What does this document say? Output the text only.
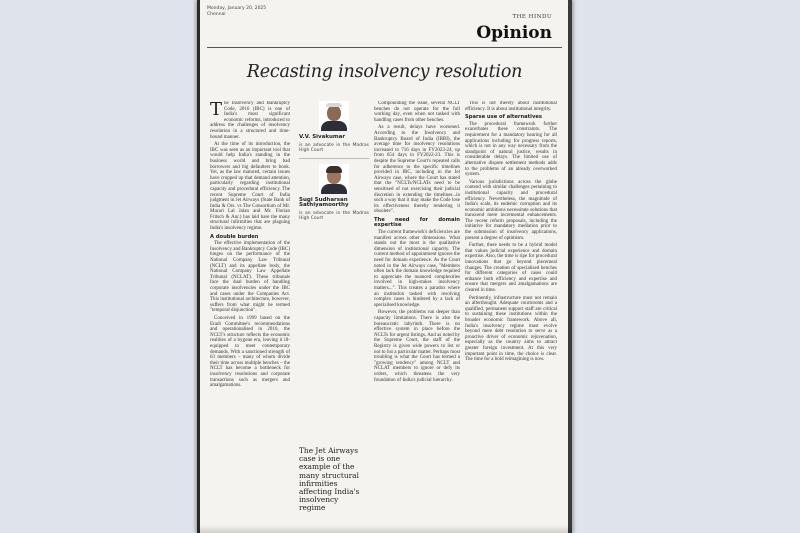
Monday, January 20, 2025
Chennai	THE HINDU
Opinion
Recasting insolvency resolution

The Insolvency and Bankruptcy Code, 2016 (IBC) is one of India's most significant economic reforms, introduced to address the challenges of insolvency resolution in a structured and time-bound manner.

At the time of its introduction, the IBC was seen as an important tool that would help India's standing in the business world and bring bad borrowers and big defaulters to book. Yet, as the law matured, certain issues have cropped up that demand attention, particularly regarding institutional capacity and procedural efficiency. The recent Supreme Court of India judgment in Jet Airways (State Bank of India & Ors. vs The Consortium of Mr. Murari Lal Jalan and Mr. Florian Fritsch & Anr.) has laid bare the many structural infirmities that are plaguing India's insolvency regime.

A double burden

The effective implementation of the Insolvency and Bankruptcy Code (IBC) hinges on the performance of the National Company Law Tribunal (NCLT) and its appellate body, the National Company Law Appellate Tribunal (NCLAT). These tribunals face the dual burden of handling corporate insolvencies under the IBC and cases under the Companies Act. This institutional architecture, however, suffers from what might be termed "temporal disjunction".

Conceived in 1999 based on the Eradi Committee's recommendations and operationalised in 2016, the NCLT's structure reflects the economic realities of a bygone era, leaving it ill-equipped to meet contemporary demands. With a sanctioned strength of 63 members – many of whom divide their time across multiple benches – the NCLT has become a bottleneck for insolvency resolutions and corporate transactions such as mergers and amalgamations.

V.V. Sivakumar
is an advocate in the Madras High Court
Sugi Sudharsan Sathiyamoorthy
is an advocate in the Madras High Court
The Jet Airways case is one example of the many structural infirmities affecting India's insolvency regime

Compounding the issue, several NCLT benches do not operate for the full working day, even when not tasked with handling cases from other benches.

As a result, delays have worsened. According to the Insolvency and Bankruptcy Board of India (IBBI), the average time for insolvency resolutions increased to 716 days in FY2023-24, up from 654 days in FY2022-23. This is despite the Supreme Court's repeated calls for adherence to the specific timelines provided in IBC, including in the Jet Airways case, where the Court has stated that the "NCLTs/NCLATs need to be sensitised of not exercising their judicial discretion in extending the timelines...in such a way that it may make the Code lose its effectiveness thereby rendering it obsolete".

The need for domain expertise

The current framework's deficiencies are manifest across other dimensions. What stands out the most is the qualitative dimension of institutional capacity. The current method of appointment ignores the need for domain experience. As the Court noted in the Jet Airways case, "Members often lack the domain knowledge required to appreciate the nuanced complexities involved in high-stakes insolvency matters...". This creates a paradox where an institution tasked with resolving complex cases is hindered by a lack of specialised knowledge.

However, the problems run deeper than capacity limitations. There is also the bureaucratic labyrinth. There is no effective system in place before the NCLTs for urgent listings. And as noted by the Supreme Court, the staff of the Registry is given wide powers to list or not to list a particular matter. Perhaps most troubling is what the Court has termed a "growing tendency" among NCLT and NCLAT members to ignore or defy its orders, which threatens the very foundation of India's judicial hierarchy.

This is not merely about institutional efficiency. It is about institutional integrity.

Sparse use of alternatives

The procedural framework further exacerbates these constraints. The requirement for a mandatory hearing for all applications including for progress reports, which is not in any way necessary from the standpoint of natural justice, results in considerable delays. The limited use of alternative dispute settlement methods adds to the problems of an already overworked system.

Various jurisdictions across the globe contend with similar challenges pertaining to institutional capacity and procedural efficiency. Nevertheless, the magnitude of India's scale, its endemic corruption and its economic ambitions necessitate solutions that transcend mere incremental enhancements. The recent reform proposals, including the initiative for mandatory mediation prior to the submission of insolvency applications, present a degree of optimism.

Further, there needs to be a hybrid model that values judicial experience and domain expertise. Also, the time is ripe for procedural innovations that go beyond piecemeal changes. The creation of specialised benches for different categories of cases could enhance both efficiency and expertise and ensure that mergers and amalgamations are cleared in time.

Pertinently, infrastructure must not remain an afterthought. Adequate courtrooms and a qualified, permanent support staff are critical to sustaining these institutions within the broader economic framework. Above all, India's insolvency regime must evolve beyond mere debt resolution to serve as a proactive driver of economic rejuvenation, especially as the country aims to attract greater foreign investment. At this very important point in time, the choice is clear. The time for a bold reimagining is now.
